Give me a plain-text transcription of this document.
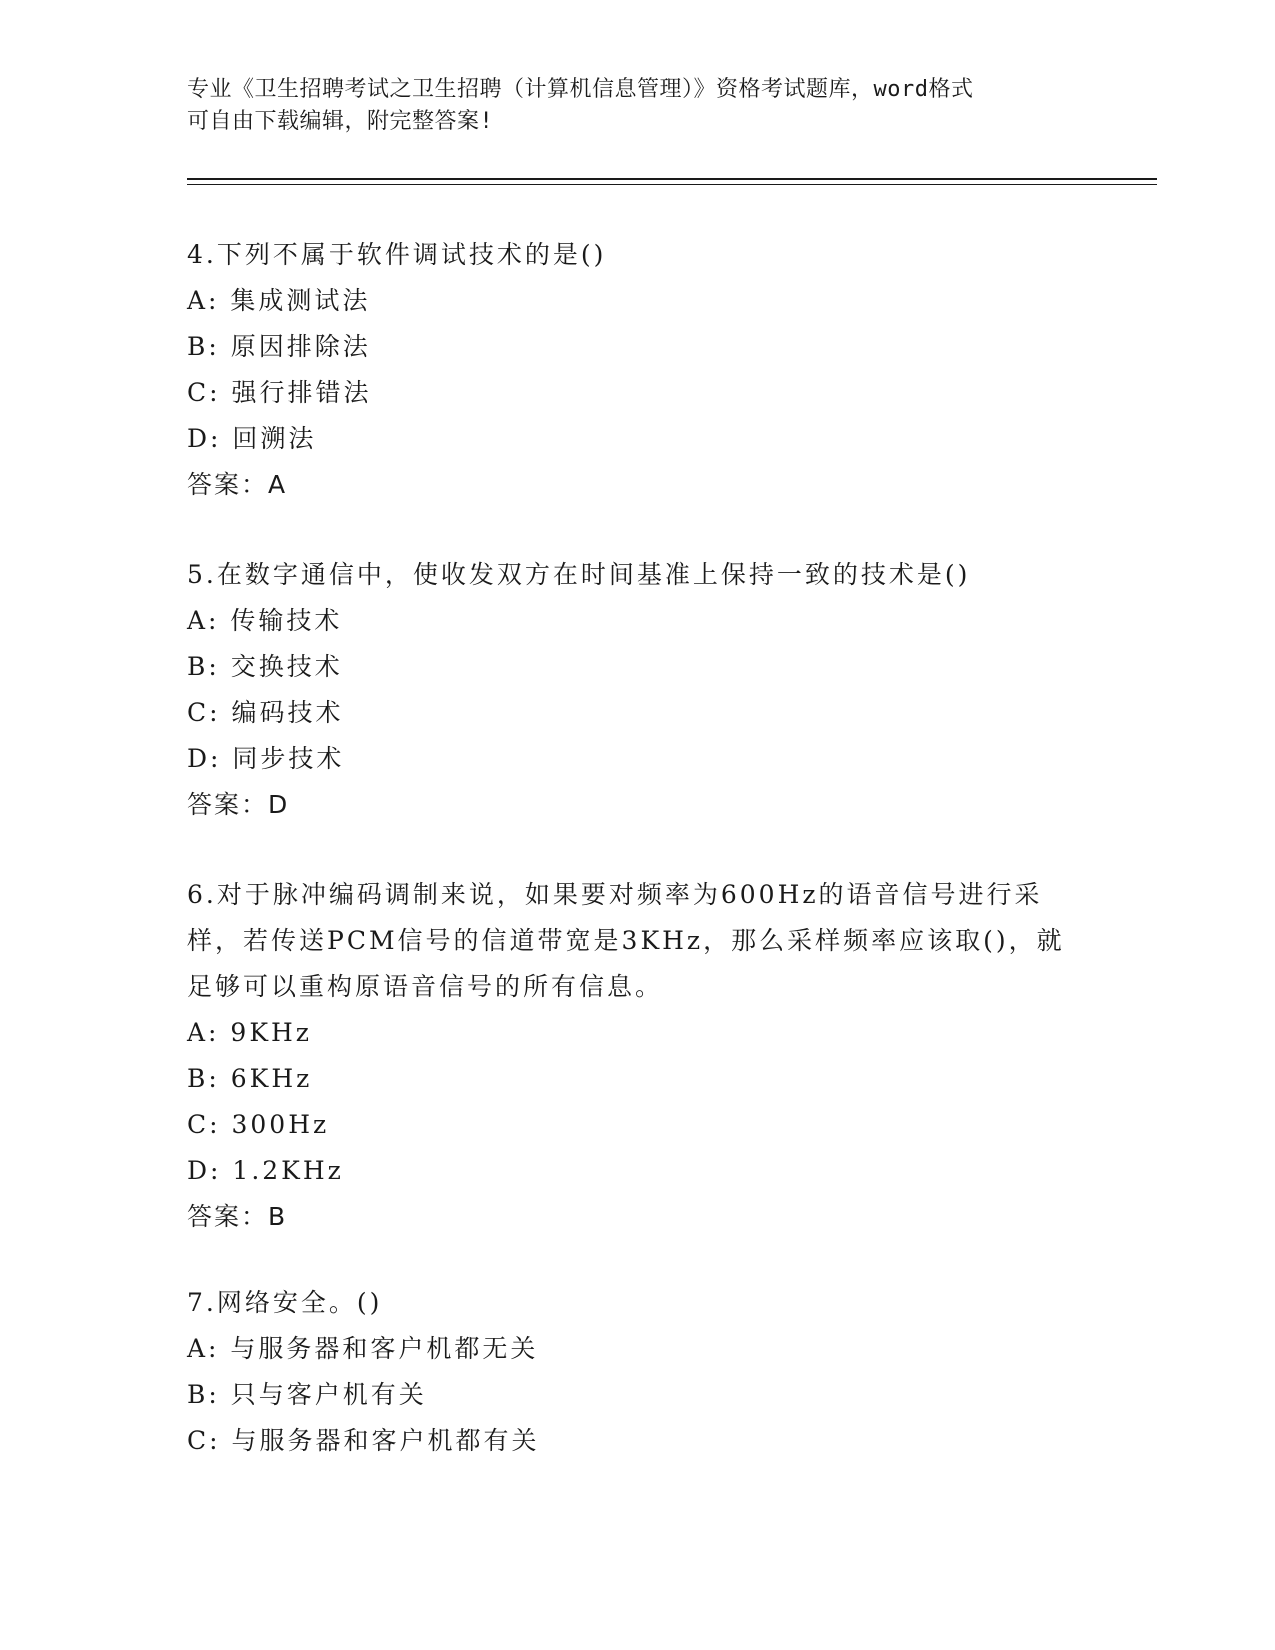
专业《卫生招聘考试之卫生招聘（计算机信息管理）》资格考试题库，word格式
可自由下载编辑，附完整答案!
4.下列不属于软件调试技术的是()
A: 集成测试法
B: 原因排除法
C: 强行排错法
D: 回溯法
答案：A
5.在数字通信中，使收发双方在时间基准上保持一致的技术是()
A: 传输技术
B: 交换技术
C: 编码技术
D: 同步技术
答案：D
6.对于脉冲编码调制来说，如果要对频率为600Hz的语音信号进行采
样，若传送PCM信号的信道带宽是3KHz，那么采样频率应该取()，就
足够可以重构原语音信号的所有信息。
A: 9KHz
B: 6KHz
C: 300Hz
D: 1.2KHz
答案：B
7.网络安全。()
A: 与服务器和客户机都无关
B: 只与客户机有关
C: 与服务器和客户机都有关
